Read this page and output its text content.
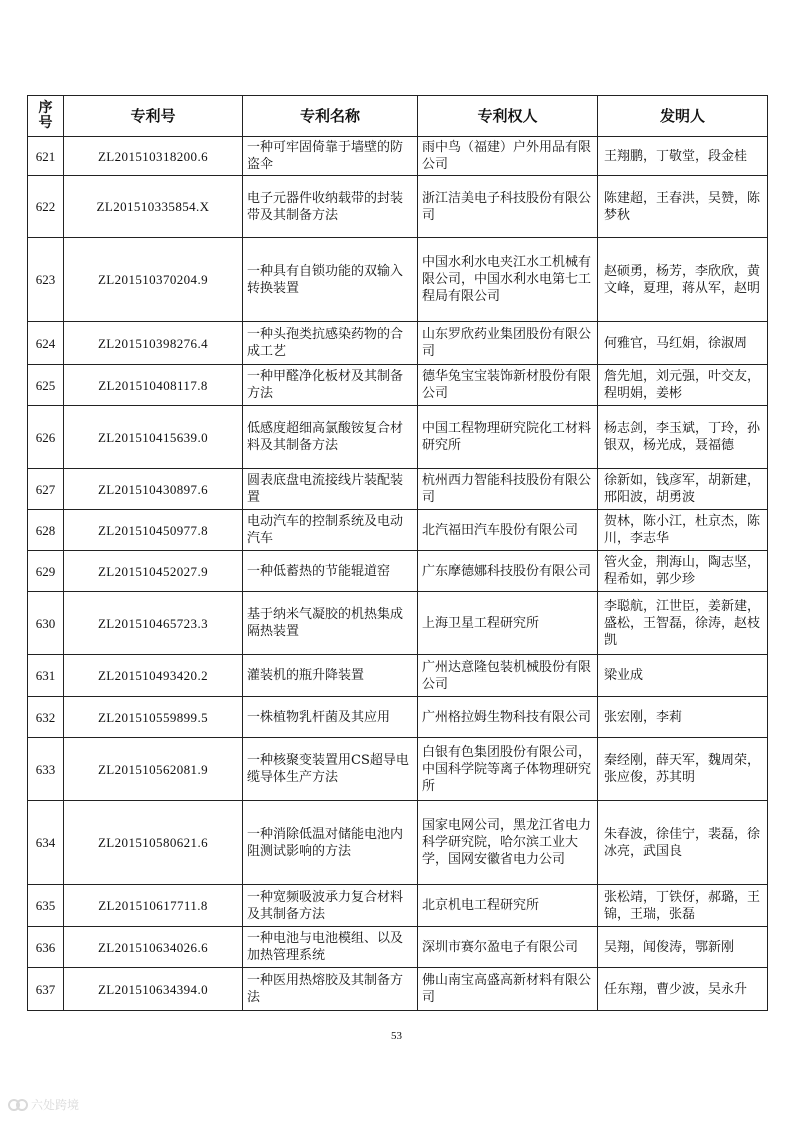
序号	专利号	专利名称	专利权人	发明人
621	ZL201510318200.6	一种可牢固倚靠于墙壁的防盗伞	雨中鸟（福建）户外用品有限公司	王翔鹏，丁敬堂，段金桂
622	ZL201510335854.X	电子元器件收纳载带的封装带及其制备方法	浙江洁美电子科技股份有限公司	陈建超，王春洪，吴赞，陈梦秋
623	ZL201510370204.9	一种具有自锁功能的双输入转换装置	中国水利水电夹江水工机械有限公司，中国水利水电第七工程局有限公司	赵硕勇，杨芳，李欣欣，黄文峰，夏理，蒋从军，赵明
624	ZL201510398276.4	一种头孢类抗感染药物的合成工艺	山东罗欣药业集团股份有限公司	何雅官，马红娟，徐淑周
625	ZL201510408117.8	一种甲醛净化板材及其制备方法	德华兔宝宝装饰新材股份有限公司	詹先旭，刘元强，叶交友，程明娟，姜彬
626	ZL201510415639.0	低感度超细高氯酸铵复合材料及其制备方法	中国工程物理研究院化工材料研究所	杨志剑，李玉斌，丁玲，孙银双，杨光成，聂福德
627	ZL201510430897.6	圆表底盘电流接线片装配装置	杭州西力智能科技股份有限公司	徐新如，钱彦军，胡新建，邢阳波，胡勇波
628	ZL201510450977.8	电动汽车的控制系统及电动汽车	北汽福田汽车股份有限公司	贺林，陈小江，杜京杰，陈川，李志华
629	ZL201510452027.9	一种低蓄热的节能辊道窑	广东摩德娜科技股份有限公司	管火金，荆海山，陶志坚，程希如，郭少珍
630	ZL201510465723.3	基于纳米气凝胶的机热集成隔热装置	上海卫星工程研究所	李聪航，江世臣，姜新建，盛松，王智磊，徐涛，赵枝凯
631	ZL201510493420.2	灌装机的瓶升降装置	广州达意隆包装机械股份有限公司	梁业成
632	ZL201510559899.5	一株植物乳杆菌及其应用	广州格拉姆生物科技有限公司	张宏刚，李莉
633	ZL201510562081.9	一种核聚变装置用CS超导电缆导体生产方法	白银有色集团股份有限公司，中国科学院等离子体物理研究所	秦经刚，薛天军，魏周荣，张应俊，苏其明
634	ZL201510580621.6	一种消除低温对储能电池内阻测试影响的方法	国家电网公司，黑龙江省电力科学研究院，哈尔滨工业大学，国网安徽省电力公司	朱春波，徐佳宁，裴磊，徐冰亮，武国良
635	ZL201510617711.8	一种宽频吸波承力复合材料及其制备方法	北京机电工程研究所	张松靖，丁铁伢，郝璐，王锦，王瑞，张磊
636	ZL201510634026.6	一种电池与电池模组、以及加热管理系统	深圳市赛尔盈电子有限公司	吴翔，闻俊涛，鄂新刚
637	ZL201510634394.0	一种医用热熔胶及其制备方法	佛山南宝高盛高新材料有限公司	任东翔，曹少波，吴永升
53
六处跨境
